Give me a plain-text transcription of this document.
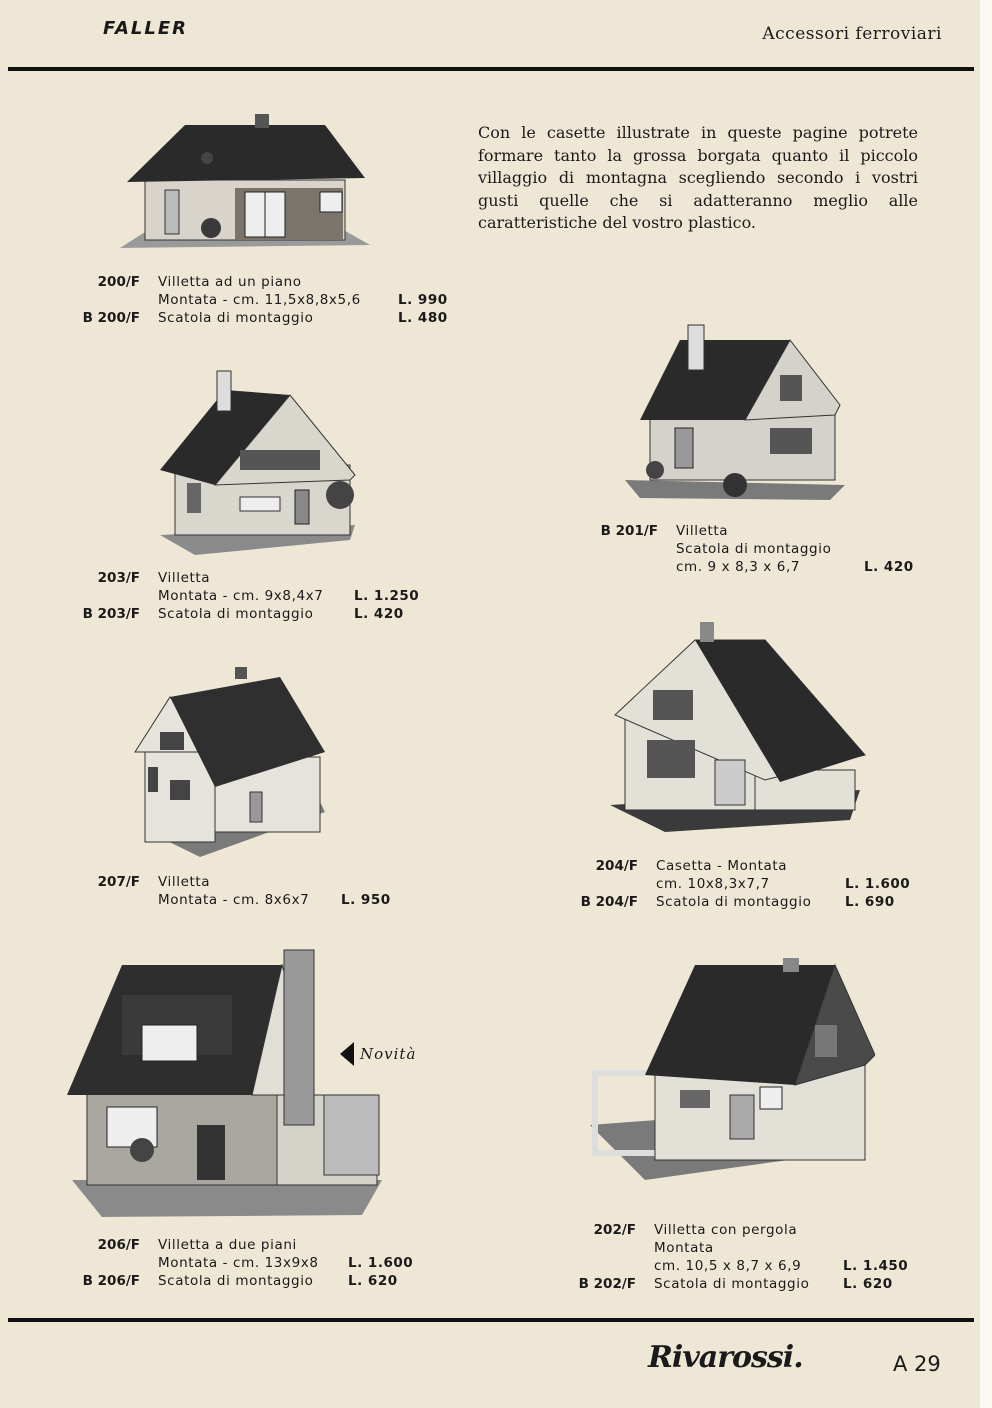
FALLER	Accessori ferroviari
Con le casette illustrate in queste pagine potrete formare tanto la grossa borgata quanto il piccolo villaggio di montagna scegliendo secondo i vostri gusti quelle che si adatteranno meglio alle caratteristiche del vostro plastico.
Novità
200/F	Villetta ad un piano
Montata - cm. 11,5x8,8x5,6	L. 990
B 200/F	Scatola di montaggio	L. 480
B 201/F	Villetta
Scatola di montaggio
cm. 9 x 8,3 x 6,7	L. 420
203/F	Villetta
Montata - cm. 9x8,4x7 L. 1.250
B 203/F	Scatola di montaggio	L. 420
204/F	Casetta - Montata
cm. 10x8,3x7,7	L. 1.600
B 204/F	Scatola di montaggio L. 690
207/F	Villetta
Montata - cm. 8x6x7 L. 950
206/F	Villetta a due piani
Montata - cm. 13x9x8 L. 1.600
B 206/F	Scatola di montaggio	L. 620
202/F	Villetta con pergola
Montata
cm. 10,5 x 8,7 x 6,9	L. 1.450
B 202/F	Scatola di montaggio L. 620
Rivarossi.	A 29
